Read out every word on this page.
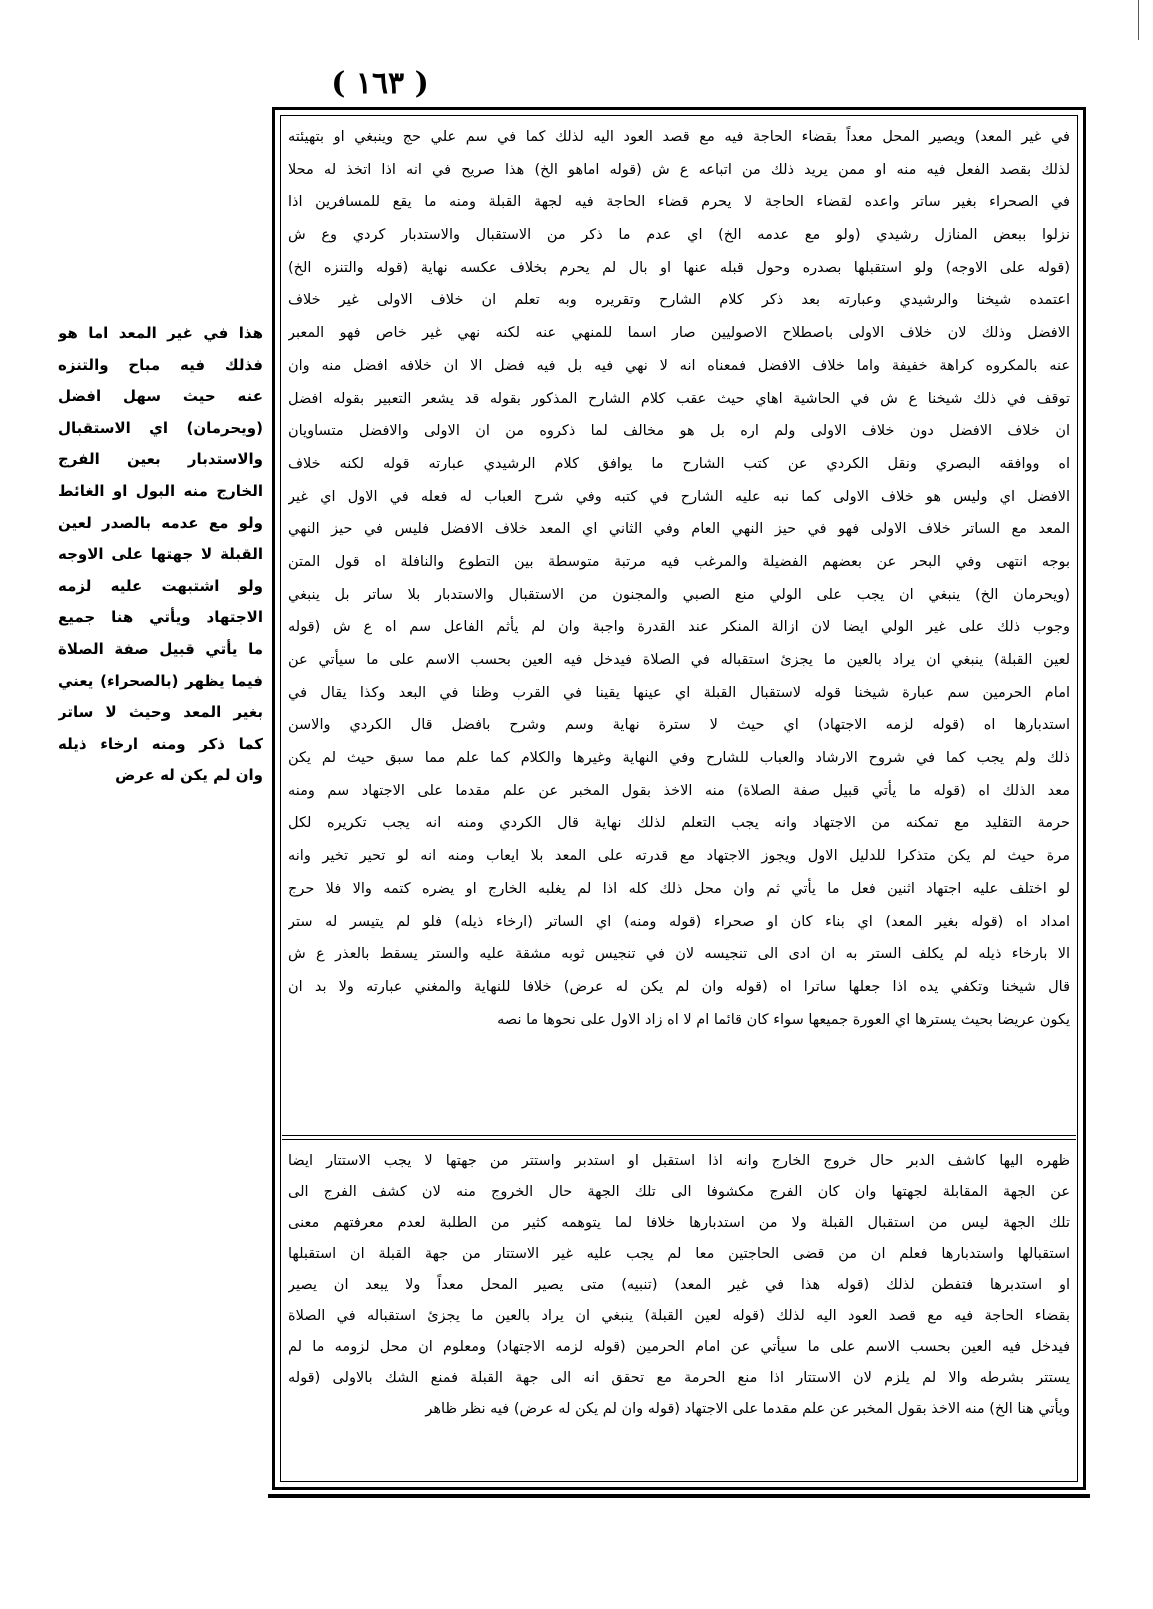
( ١٦٣ )
في غير المعد) ويصير المحل معداً بقضاء الحاجة فيه مع قصد العود اليه لذلك كما في سم علي حج وينبغي او بتهيئته
لذلك بقصد الفعل فيه منه او ممن يريد ذلك من اتباعه ع ش (قوله اماهو الخ) هذا صريح في انه اذا اتخذ له محلا
في الصحراء بغير ساتر واعده لقضاء الحاجة لا يحرم قضاء الحاجة فيه لجهة القبلة ومنه ما يقع للمسافرين اذا
نزلوا ببعض المنازل رشيدي (ولو مع عدمه الخ) اي عدم ما ذكر من الاستقبال والاستدبار كردي وع ش
(قوله على الاوجه) ولو استقبلها بصدره وحول قبله عنها او بال لم يحرم بخلاف عكسه نهاية (قوله والتنزه الخ)
اعتمده شيخنا والرشيدي وعبارته بعد ذكر كلام الشارح وتقريره وبه تعلم ان خلاف الاولى غير خلاف
الافضل وذلك لان خلاف الاولى باصطلاح الاصوليين صار اسما للمنهي عنه لكنه نهي غير خاص فهو المعبر
عنه بالمكروه كراهة خفيفة واما خلاف الافضل فمعناه انه لا نهي فيه بل فيه فضل الا ان خلافه افضل منه وان
توقف في ذلك شيخنا ع ش في الحاشية اهاي حيث عقب كلام الشارح المذكور بقوله قد يشعر التعبير بقوله افضل
ان خلاف الافضل دون خلاف الاولى ولم اره بل هو مخالف لما ذكروه من ان الاولى والافضل متساويان
اه ووافقه البصري ونقل الكردي عن كتب الشارح ما يوافق كلام الرشيدي عبارته قوله لكنه خلاف
الافضل اي وليس هو خلاف الاولى كما نبه عليه الشارح في كتبه وفي شرح العباب له فعله في الاول اي غير
المعد مع الساتر خلاف الاولى فهو في حيز النهي العام وفي الثاني اي المعد خلاف الافضل فليس في حيز النهي
بوجه انتهى وفي البحر عن بعضهم الفضيلة والمرغب فيه مرتبة متوسطة بين التطوع والنافلة اه قول المتن
(ويحرمان الخ) ينبغي ان يجب على الولي منع الصبي والمجنون من الاستقبال والاستدبار بلا ساتر بل ينبغي
وجوب ذلك على غير الولي ايضا لان ازالة المنكر عند القدرة واجبة وان لم يأثم الفاعل سم اه ع ش (قوله
لعين القبلة) ينبغي ان يراد بالعين ما يجزئ استقباله في الصلاة فيدخل فيه العين بحسب الاسم على ما سيأتي عن
امام الحرمين سم عبارة شيخنا قوله لاستقبال القبلة اي عينها يقينا في القرب وظنا في البعد وكذا يقال في
استدبارها اه (قوله لزمه الاجتهاد) اي حيث لا سترة نهاية وسم وشرح بافضل قال الكردي والاسن
ذلك ولم يجب كما في شروح الارشاد والعباب للشارح وفي النهاية وغيرها والكلام كما علم مما سبق حيث لم يكن
معد الذلك اه (قوله ما يأتي قبيل صفة الصلاة) منه الاخذ بقول المخبر عن علم مقدما على الاجتهاد سم ومنه
حرمة التقليد مع تمكنه من الاجتهاد وانه يجب التعلم لذلك نهاية قال الكردي ومنه انه يجب تكريره لكل
مرة حيث لم يكن متذكرا للدليل الاول ويجوز الاجتهاد مع قدرته على المعد بلا ايعاب ومنه انه لو تحير تخير وانه
لو اختلف عليه اجتهاد اثنين فعل ما يأتي ثم وان محل ذلك كله اذا لم يغلبه الخارج او يضره كتمه والا فلا حرج
امداد اه (قوله بغير المعد) اي بناء كان او صحراء (قوله ومنه) اي الساتر (ارخاء ذيله) فلو لم يتيسر له ستر
الا بارخاء ذيله لم يكلف الستر به ان ادى الى تنجيسه لان في تنجيس ثوبه مشقة عليه والستر يسقط بالعذر ع ش
قال شيخنا وتكفي يده اذا جعلها ساترا اه (قوله وان لم يكن له عرض) خلافا للنهاية والمغني عبارته ولا بد ان
يكون عريضا بحيث يسترها اي العورة جميعها سواء كان قائما ام لا اه زاد الاول على نحوها ما نصه
ظهره اليها كاشف الدبر حال خروج الخارج وانه اذا استقبل او استدبر واستتر من جهتها لا يجب الاستتار ايضا
عن الجهة المقابلة لجهتها وان كان الفرج مكشوفا الى تلك الجهة حال الخروج منه لان كشف الفرج الى
تلك الجهة ليس من استقبال القبلة ولا من استدبارها خلافا لما يتوهمه كثير من الطلبة لعدم معرفتهم معنى
استقبالها واستدبارها فعلم ان من قضى الحاجتين معا لم يجب عليه غير الاستتار من جهة القبلة ان استقبلها
او استدبرها فتفطن لذلك (قوله هذا في غير المعد) (تنبيه) متى يصير المحل معداً ولا يبعد ان يصير
بقضاء الحاجة فيه مع قصد العود اليه لذلك (قوله لعين القبلة) ينبغي ان يراد بالعين ما يجزئ استقباله في الصلاة
فيدخل فيه العين بحسب الاسم على ما سيأتي عن امام الحرمين (قوله لزمه الاجتهاد) ومعلوم ان محل لزومه ما لم
يستتر بشرطه والا لم يلزم لان الاستتار اذا منع الحرمة مع تحقق انه الى جهة القبلة فمنع الشك بالاولى (قوله
ويأتي هنا الخ) منه الاخذ بقول المخبر عن علم مقدما على الاجتهاد (قوله وان لم يكن له عرض) فيه نظر ظاهر
هذا في غير المعد اما هو
فذلك فيه مباح والتنزه
عنه حيث سهل افضل
(ويحرمان) اي الاستقبال
والاستدبار بعين الفرج
الخارج منه البول او الغائط
ولو مع عدمه بالصدر لعين
القبلة لا جهتها على الاوجه
ولو اشتبهت عليه لزمه
الاجتهاد ويأتي هنا جميع
ما يأتي قبيل صفة الصلاة
فيما يظهر (بالصحراء) يعني
بغير المعد وحيث لا ساتر
كما ذكر ومنه ارخاء ذيله
وان لم يكن له عرض
